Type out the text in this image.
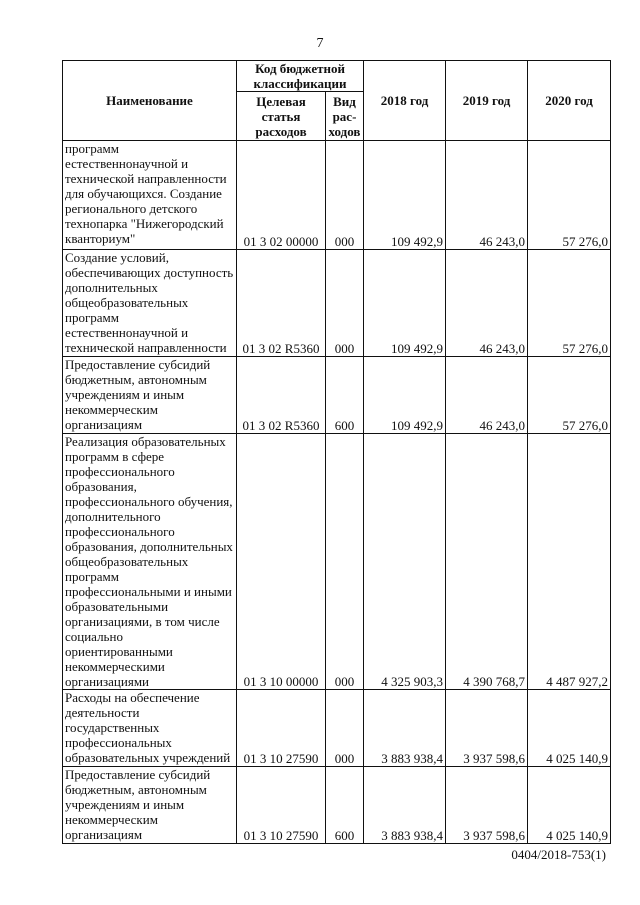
7
Наименование	Код бюджетной классификации		2018 год	2019 год	2020 год
	Целевая статья расходов	Вид рас-ходов			
программ естественнонаучной и технической направленности для обучающихся. Создание регионального детского технопарка "Нижегородский кванториум"	01 3 02 00000	000	109 492,9	46 243,0	57 276,0
Создание условий, обеспечивающих доступность дополнительных общеобразовательных программ естественнонаучной и технической направленности	01 3 02 R5360	000	109 492,9	46 243,0	57 276,0
Предоставление субсидий бюджетным, автономным учреждениям и иным некоммерческим организациям	01 3 02 R5360	600	109 492,9	46 243,0	57 276,0
Реализация образовательных программ в сфере профессионального образования, профессионального обучения, дополнительного профессионального образования, дополнительных общеобразовательных программ профессиональными и иными образовательными организациями, в том числе социально ориентированными некоммерческими организациями	01 3 10 00000	000	4 325 903,3	4 390 768,7	4 487 927,2
Расходы на обеспечение деятельности государственных профессиональных образовательных учреждений	01 3 10 27590	000	3 883 938,4	3 937 598,6	4 025 140,9
Предоставление субсидий бюджетным, автономным учреждениям и иным некоммерческим организациям	01 3 10 27590	600	3 883 938,4	3 937 598,6	4 025 140,9
0404/2018-753(1)
